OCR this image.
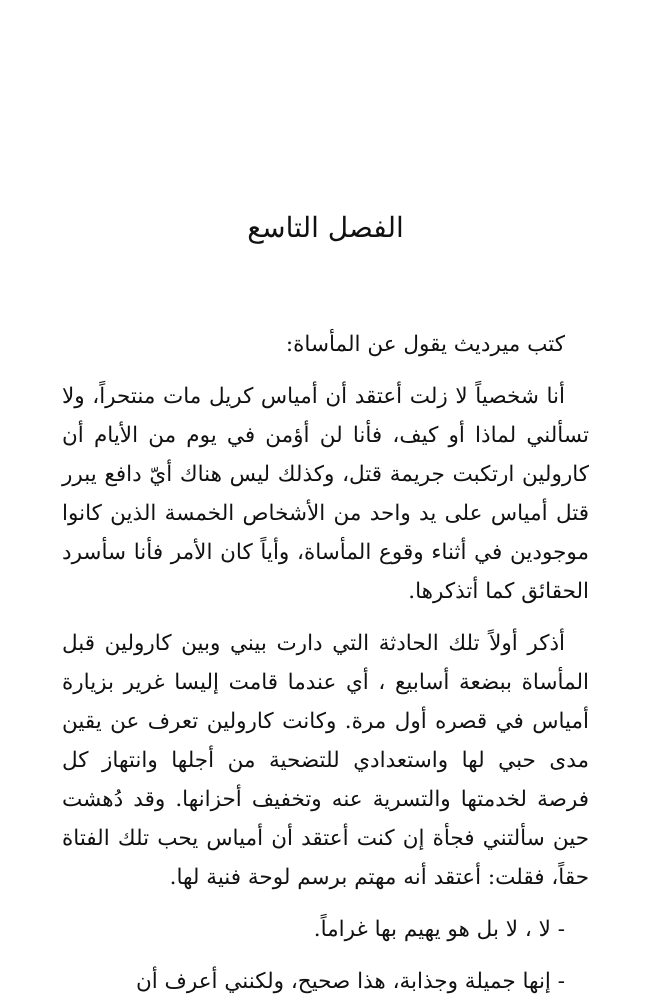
الفصل التاسع

كتب ميرديث يقول عن المأساة:

أنا شخصياً لا زلت أعتقد أن أمياس كريل مات منتحراً، ولا تسألني لماذا أو كيف، فأنا لن أؤمن في يوم من الأيام أن كارولين ارتكبت جريمة قتل، وكذلك ليس هناك أيّ دافع يبرر قتل أمياس على يد واحد من الأشخاص الخمسة الذين كانوا موجودين في أثناء وقوع المأساة، وأياً كان الأمر فأنا سأسرد الحقائق كما أتذكرها.

أذكر أولاً تلك الحادثة التي دارت بيني وبين كارولين قبل المأساة ببضعة أسابيع ، أي عندما قامت إليسا غرير بزيارة أمياس في قصره أول مرة. وكانت كارولين تعرف عن يقين مدى حبي لها واستعدادي للتضحية من أجلها وانتهاز كل فرصة لخدمتها والتسرية عنه وتخفيف أحزانها. وقد دُهشت حين سألتني فجأة إن كنت أعتقد أن أمياس يحب تلك الفتاة حقاً، فقلت: أعتقد أنه مهتم برسم لوحة فنية لها.

- لا ، لا بل هو يهيم بها غراماً.

- إنها جميلة وجذابة، هذا صحيح، ولكنني أعرف أن
